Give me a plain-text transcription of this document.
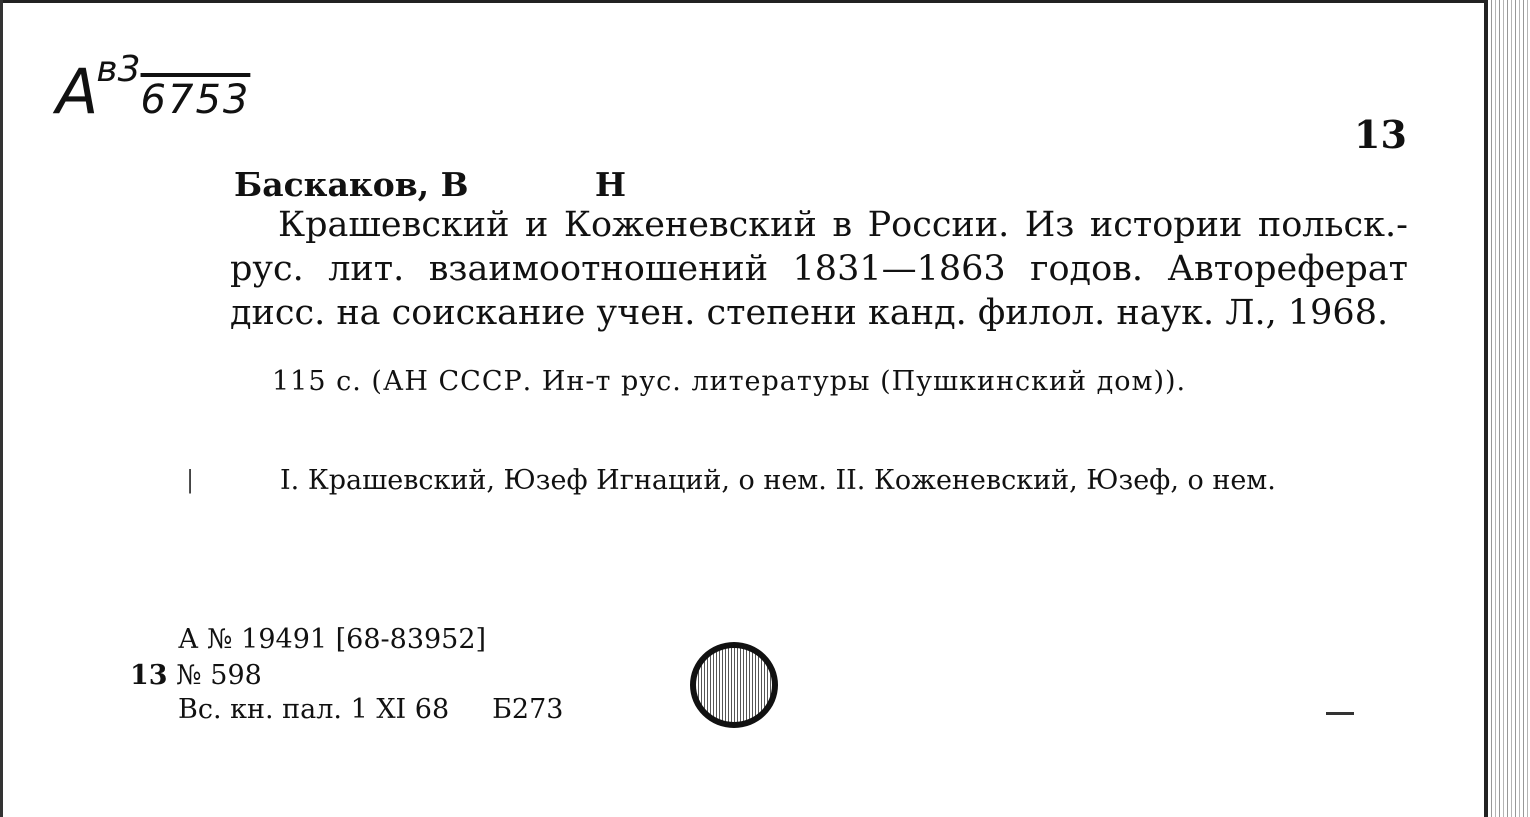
$A^{в3}6753$
13
Баскаков, В           Н
Крашевский и Коженевский в России. Из истории польск.-рус. лит. взаимоотношений 1831—1863 годов. Автореферат дисс. на соискание учен. степени канд. филол. наук. Л., 1968.
115 с. (АН СССР. Ин-т рус. литературы (Пушкинский дом)).
|	I. Крашевский, Юзеф Игнаций, о нем. II. Коженевский, Юзеф, о нем.
А № 19491 [68-83952]
13 № 598
Вс. кн. пал. 1 XI 68 Б273
